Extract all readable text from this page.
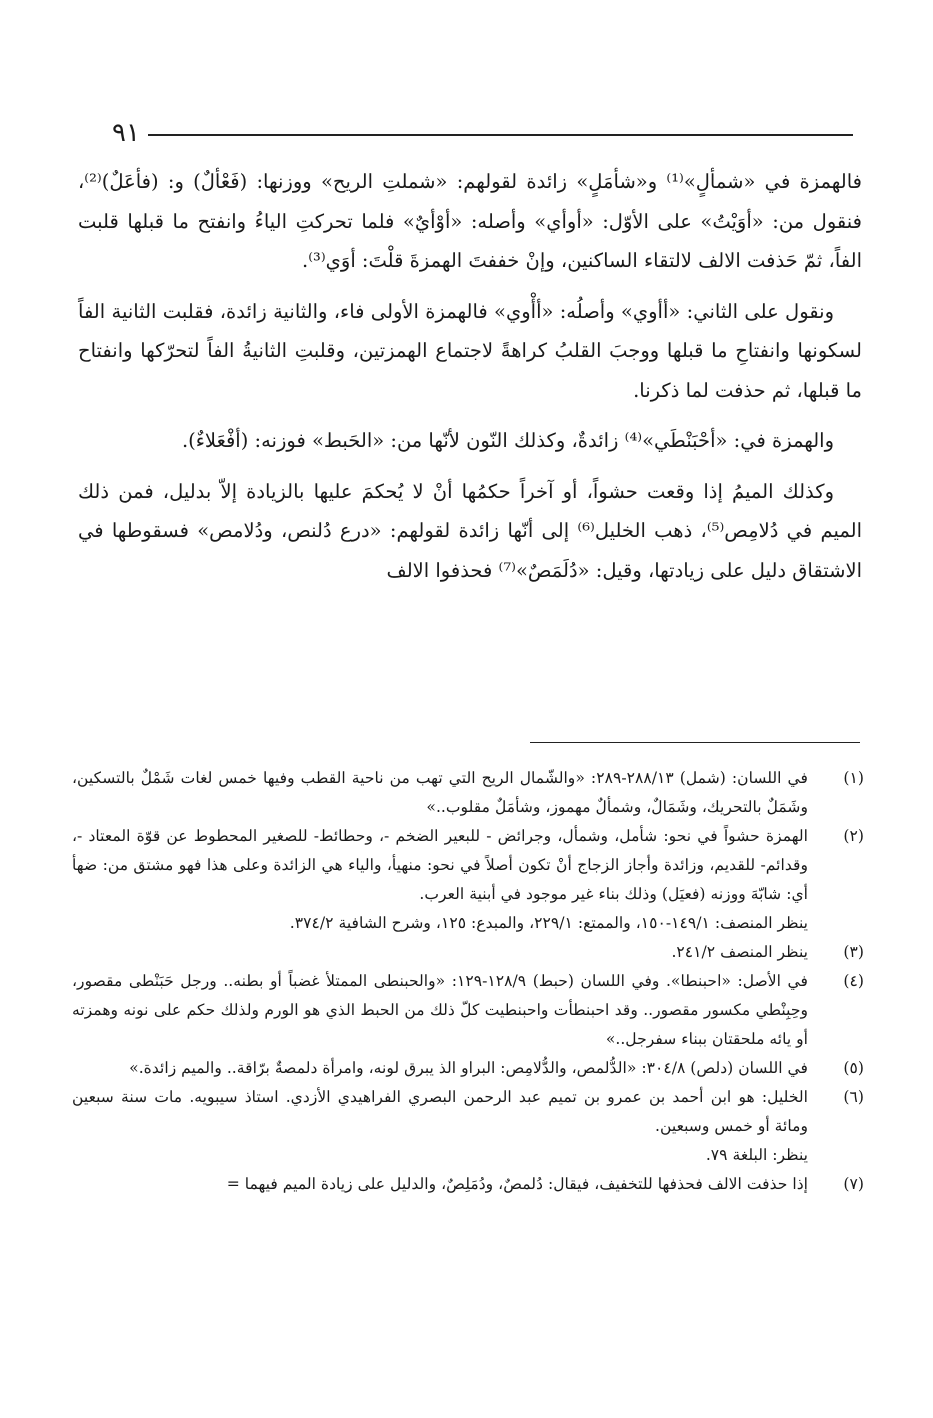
٩١

فالهمزة في «شمألٍ»⁽¹⁾ و«شأمَلٍ» زائدة لقولهم: «شملتِ الريح» ووزنها: (فَعْألٌ) و: (فأعَلٌ)⁽²⁾، فنقول من: «أوَيْتُ» على الأوّل: «أوأي» وأصله: «أوْأيٌ» فلما تحركتِ الياءُ وانفتح ما قبلها قلبت الفاً، ثمّ حَذفت الالف لالتقاء الساكنين، وإنْ خففتَ الهمزةَ قلْتَ: أوَي⁽³⁾.

ونقول على الثاني: «أأوي» وأصلُه: «أأْوي» فالهمزة الأولى فاء، والثانية زائدة، فقلبت الثانية الفاً لسكونها وانفتاحِ ما قبلها ووجبَ القلبُ كراهةً لاجتماع الهمزتين، وقلبتِ الثانيةُ الفاً لتحرّكها وانفتاح ما قبلها، ثم حذفت لما ذكرنا.

والهمزة في: «أحْبَنْطَي»⁽⁴⁾ زائدةٌ، وكذلك النّون لأنّها من: «الحَبط» فوزنه: (أفْعَلاءٌ).

وكذلك الميمُ إذا وقعت حشواً، أو آخراً حكمُها أنْ لا يُحكمَ عليها بالزيادة إلاّ بدليل، فمن ذلك الميم في دُلامِص⁽⁵⁾، ذهب الخليل⁽⁶⁾ إلى أنّها زائدة لقولهم: «درع دُلنص، ودُلامص» فسقوطها في الاشتقاق دليل على زيادتها، وقيل: «دُلَمَصٌ»⁽⁷⁾ فحذفوا الالف

(١)
في اللسان: (شمل) ٢٨٨/١٣-٢٨٩: «والشّمال الريح التي تهب من ناحية القطب وفيها خمس لغات شَمْلٌ بالتسكين، وشَمَلٌ بالتحريك، وشَمَالٌ، وشمألٌ مهموز، وشأمَلٌ مقلوب..»
(٢)
الهمزة حشواً في نحو: شأمل، وشمأل، وجرائض - للبعير الضخم -، وحطائط- للصغير المحطوط عن قوّة المعتاد -، وقدائم- للقديم، وزائدة وأجاز الزجاج أنْ تكون أصلاً في نحو: منهيأ، والياء هي الزائدة وعلى هذا فهو مشتق من: ضهأ أي: شابّهَ ووزنه (فعيَل) وذلك بناء غير موجود في أبنية العرب.
ينظر المنصف: ١٤٩/١-١٥٠، والممتع: ٢٢٩/١، والمبدع: ١٢٥، وشرح الشافية ٣٧٤/٢.
(٣)
ينظر المنصف ٢٤١/٢.
(٤)
في الأصل: «احبنطا». وفي اللسان (حبط) ١٢٨/٩-١٢٩: «والحبنطى الممتلأ غضباً أو بطنه.. ورجل حَبَنْطى مقصور، وحِبِنْطي مكسور مقصور.. وقد احبنطأت واحبنطيت كلّ ذلك من الحبط الذي هو الورم ولذلك حكم على نونه وهمزته أو يائه ملحقتان ببناء سفرجل..»
(٥)
في اللسان (دلص) ٣٠٤/٨: «الدُّلمص، والدُّلامِص: البراو الذ يبرق لونه، وامرأة دلمصةٌ برّاقة.. والميم زائدة.»
(٦)
الخليل: هو ابن أحمد بن عمرو بن تميم عبد الرحمن البصري الفراهيدي الأزدي. استاذ سيبويه. مات سنة سبعين ومائة أو خمس وسبعين.
ينظر: البلغة ٧٩.
(٧)
إذا حذفت الالف فحذفها للتخفيف، فيقال: دُلمصٌ، ودُمَلِصٌ، والدليل على زيادة الميم فيهما =
